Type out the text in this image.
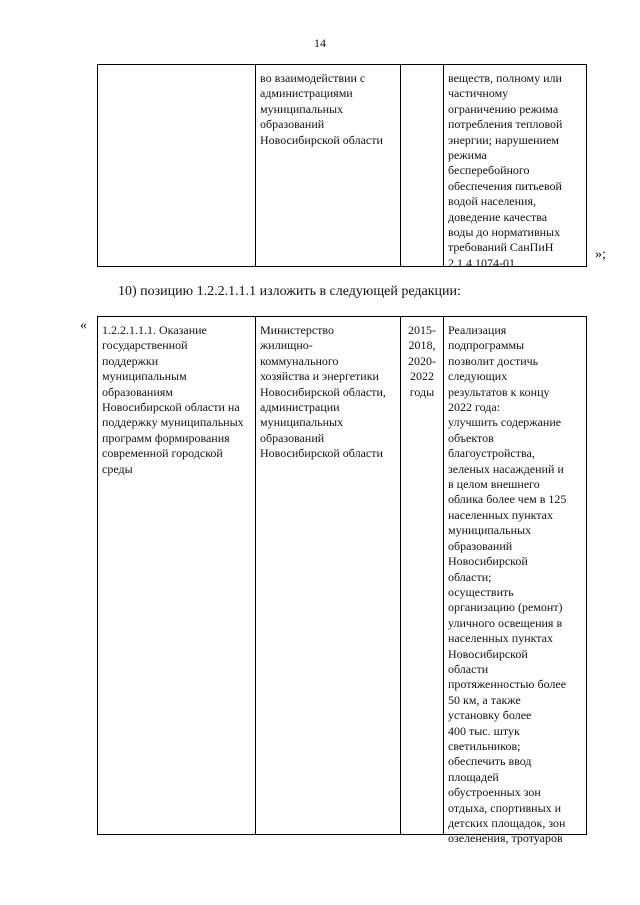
14
во взаимодействии с
администрациями
муниципальных
образований
Новосибирской области
веществ, полному или
частичному
ограничению режима
потребления тепловой
энергии; нарушением
режима
бесперебойного
обеспечения питьевой
водой населения,
доведение качества
воды до нормативных
требований СанПиН
2.1.4.1074-01
»;
10) позицию 1.2.2.1.1.1 изложить в следующей редакции:
«	1.2.2.1.1.1. Оказание
государственной
поддержки
муниципальным
образованиям
Новосибирской области на
поддержку муниципальных
программ формирования
современной городской
среды
Министерство
жилищно-
коммунального
хозяйства и энергетики
Новосибирской области,
администрации
муниципальных
образований
Новосибирской области
2015-
2018,
2020-
2022
годы
Реализация
подпрограммы
позволит достичь
следующих
результатов к концу
2022 года:
улучшить содержание
объектов
благоустройства,
зеленых насаждений и
в целом внешнего
облика более чем в 125
населенных пунктах
муниципальных
образований
Новосибирской
области;
осуществить
организацию (ремонт)
уличного освещения в
населенных пунктах
Новосибирской
области
протяженностью более
50 км, а также
установку более
400 тыс. штук
светильников;
обеспечить ввод
площадей
обустроенных зон
отдыха, спортивных и
детских площадок, зон
озеленения, тротуаров
